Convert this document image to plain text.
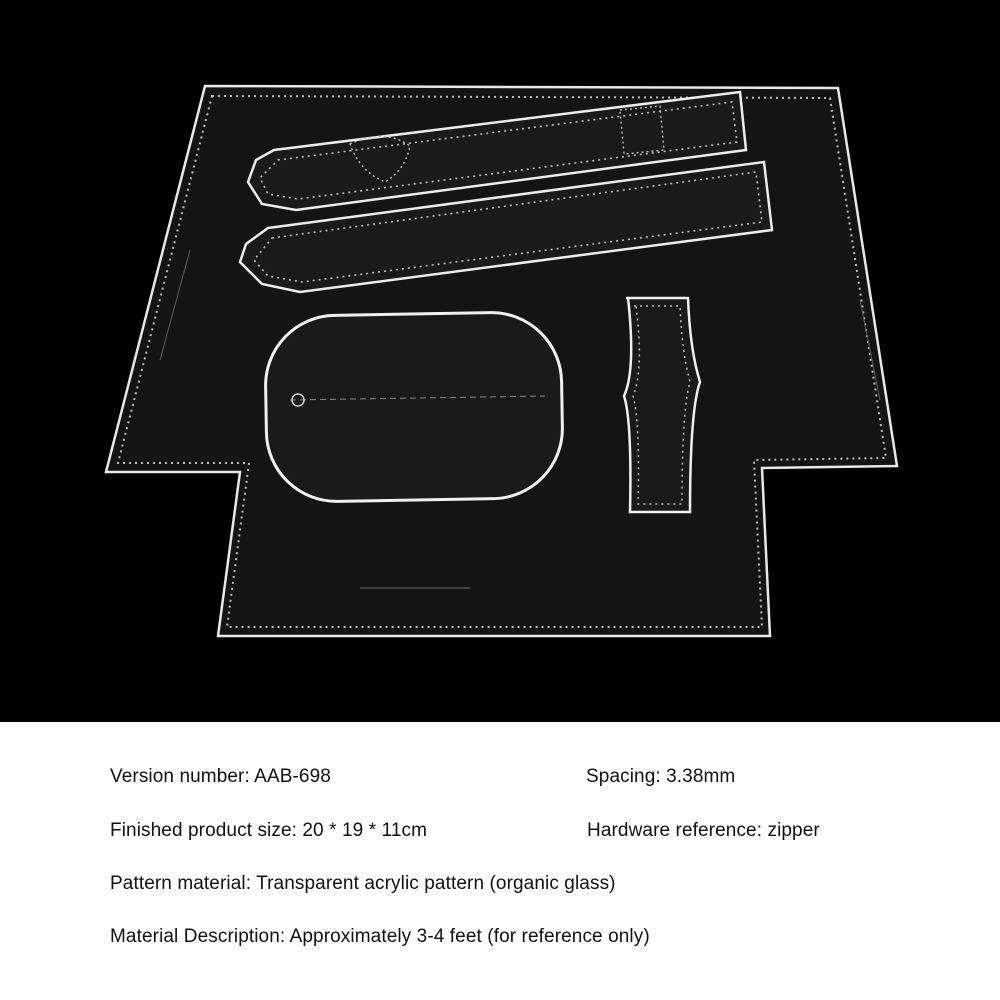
Version number: AAB-698	Spacing: 3.38mm
Finished product size: 20 * 19 * 11cm	Hardware reference: zipper
Pattern material: Transparent acrylic pattern (organic glass)
Material Description: Approximately 3-4 feet (for reference only)
